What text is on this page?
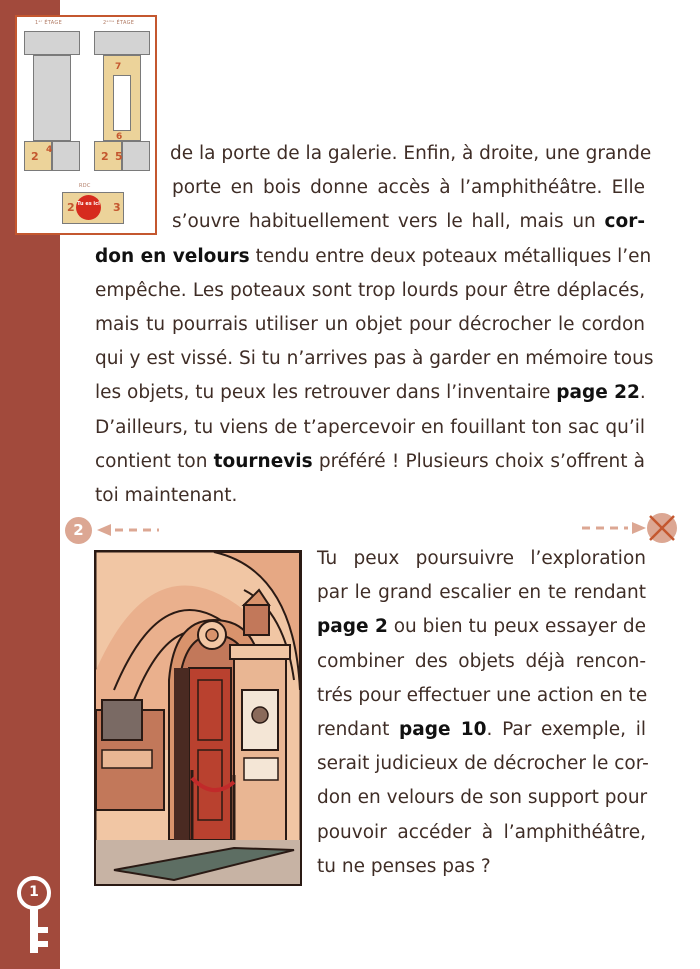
1ᵉʳ ÉTAGE	2ᵉᵐᵉ ÉTAGE
2 4	2 5
6
7
RDC
2	3
Tu es ici
de la porte de la galerie. Enfin, à droite, une grande
porte en bois donne accès à l’amphithéâtre. Elle
s’ouvre habituellement vers le hall, mais un cor-
don en velours tendu entre deux poteaux métalliques l’en
empêche. Les poteaux sont trop lourds pour être déplacés,
mais tu pourrais utiliser un objet pour décrocher le cordon
qui y est vissé. Si tu n’arrives pas à garder en mémoire tous
les objets, tu peux les retrouver dans l’inventaire page 22.
D’ailleurs, tu viens de t’apercevoir en fouillant ton sac qu’il
contient ton tournevis préféré ! Plusieurs choix s’offrent à
toi maintenant.
2
Tu peux poursuivre l’exploration
par le grand escalier en te rendant
page 2 ou bien tu peux essayer de
combiner des objets déjà rencon-
trés pour effectuer une action en te
rendant page 10. Par exemple, il
serait judicieux de décrocher le cor-
don en velours de son support pour
pouvoir accéder à l’amphithéâtre,
tu ne penses pas ?
1
